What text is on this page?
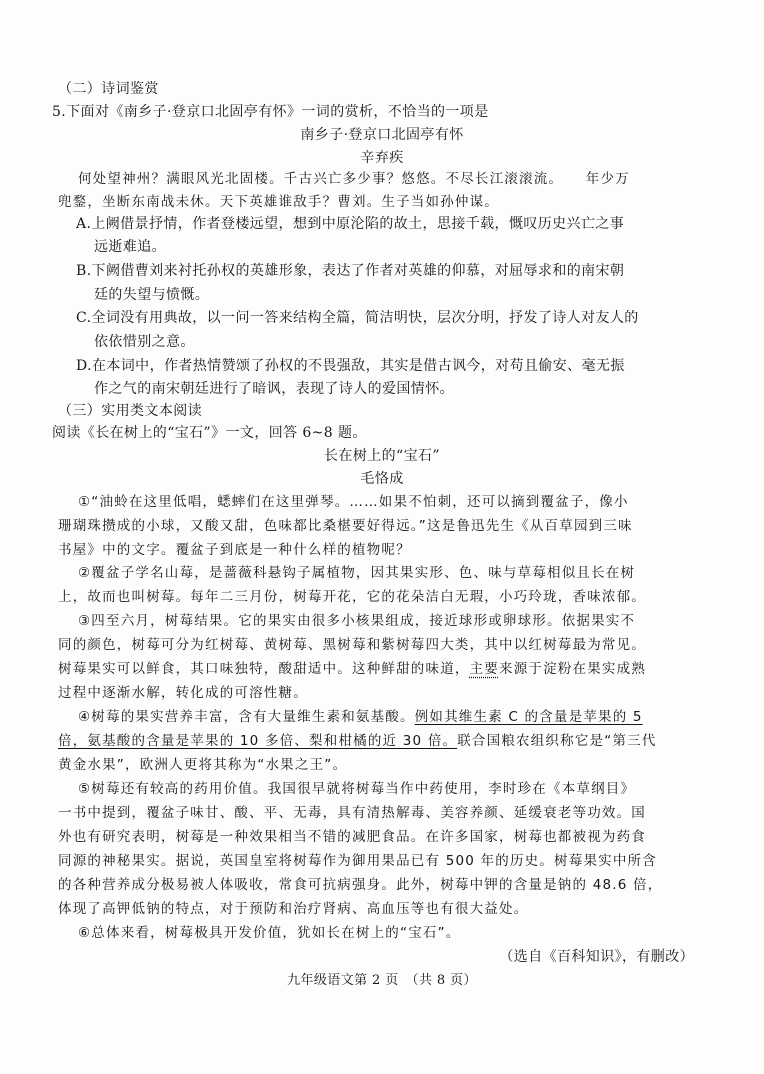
（二）诗词鉴赏
5.下面对《南乡子·登京口北固亭有怀》一词的赏析，不恰当的一项是
南乡子·登京口北固亭有怀
辛弃疾
何处望神州？满眼风光北固楼。千古兴亡多少事？悠悠。不尽长江滚滚流。　　年少万
兜鍪，坐断东南战未休。天下英雄谁敌手？曹刘。生子当如孙仲谋。
A.上阙借景抒情，作者登楼远望，想到中原沦陷的故土，思接千载，慨叹历史兴亡之事
远逝难追。
B.下阙借曹刘来衬托孙权的英雄形象，表达了作者对英雄的仰慕，对屈辱求和的南宋朝
廷的失望与愤慨。
C.全词没有用典故，以一问一答来结构全篇，简洁明快，层次分明，抒发了诗人对友人的
依依惜别之意。
D.在本词中，作者热情赞颂了孙权的不畏强敌，其实是借古讽今，对苟且偷安、毫无振
作之气的南宋朝廷进行了暗讽，表现了诗人的爱国情怀。
（三）实用类文本阅读
阅读《长在树上的“宝石”》一文，回答 6~8 题。
长在树上的“宝石”
毛恪成
①“油蛉在这里低唱，蟋蟀们在这里弹琴。……如果不怕刺，还可以摘到覆盆子，像小
珊瑚珠攒成的小球，又酸又甜，色味都比桑椹要好得远。”这是鲁迅先生《从百草园到三味
书屋》中的文字。覆盆子到底是一种什么样的植物呢？
②覆盆子学名山莓，是蔷薇科悬钩子属植物，因其果实形、色、味与草莓相似且长在树
上，故而也叫树莓。每年二三月份，树莓开花，它的花朵洁白无瑕，小巧玲珑，香味浓郁。
③四至六月，树莓结果。它的果实由很多小核果组成，接近球形或卵球形。依据果实不
同的颜色，树莓可分为红树莓、黄树莓、黑树莓和紫树莓四大类，其中以红树莓最为常见。
树莓果实可以鲜食，其口味独特，酸甜适中。这种鲜甜的味道，主要来源于淀粉在果实成熟
过程中逐渐水解，转化成的可溶性糖。
④树莓的果实营养丰富，含有大量维生素和氨基酸。例如其维生素 C 的含量是苹果的 5
倍，氨基酸的含量是苹果的 10 多倍、梨和柑橘的近 30 倍。联合国粮农组织称它是“第三代
黄金水果”，欧洲人更将其称为“水果之王”。
⑤树莓还有较高的药用价值。我国很早就将树莓当作中药使用，李时珍在《本草纲目》
一书中提到，覆盆子味甘、酸、平、无毒，具有清热解毒、美容养颜、延缓衰老等功效。国
外也有研究表明，树莓是一种效果相当不错的减肥食品。在许多国家，树莓也都被视为药食
同源的神秘果实。据说，英国皇室将树莓作为御用果品已有 500 年的历史。树莓果实中所含
的各种营养成分极易被人体吸收，常食可抗病强身。此外，树莓中钾的含量是钠的 48.6 倍，
体现了高钾低钠的特点，对于预防和治疗肾病、高血压等也有很大益处。
⑥总体来看，树莓极具开发价值，犹如长在树上的“宝石”。
（选自《百科知识》，有删改）
九年级语文第 2 页　（共 8 页）
